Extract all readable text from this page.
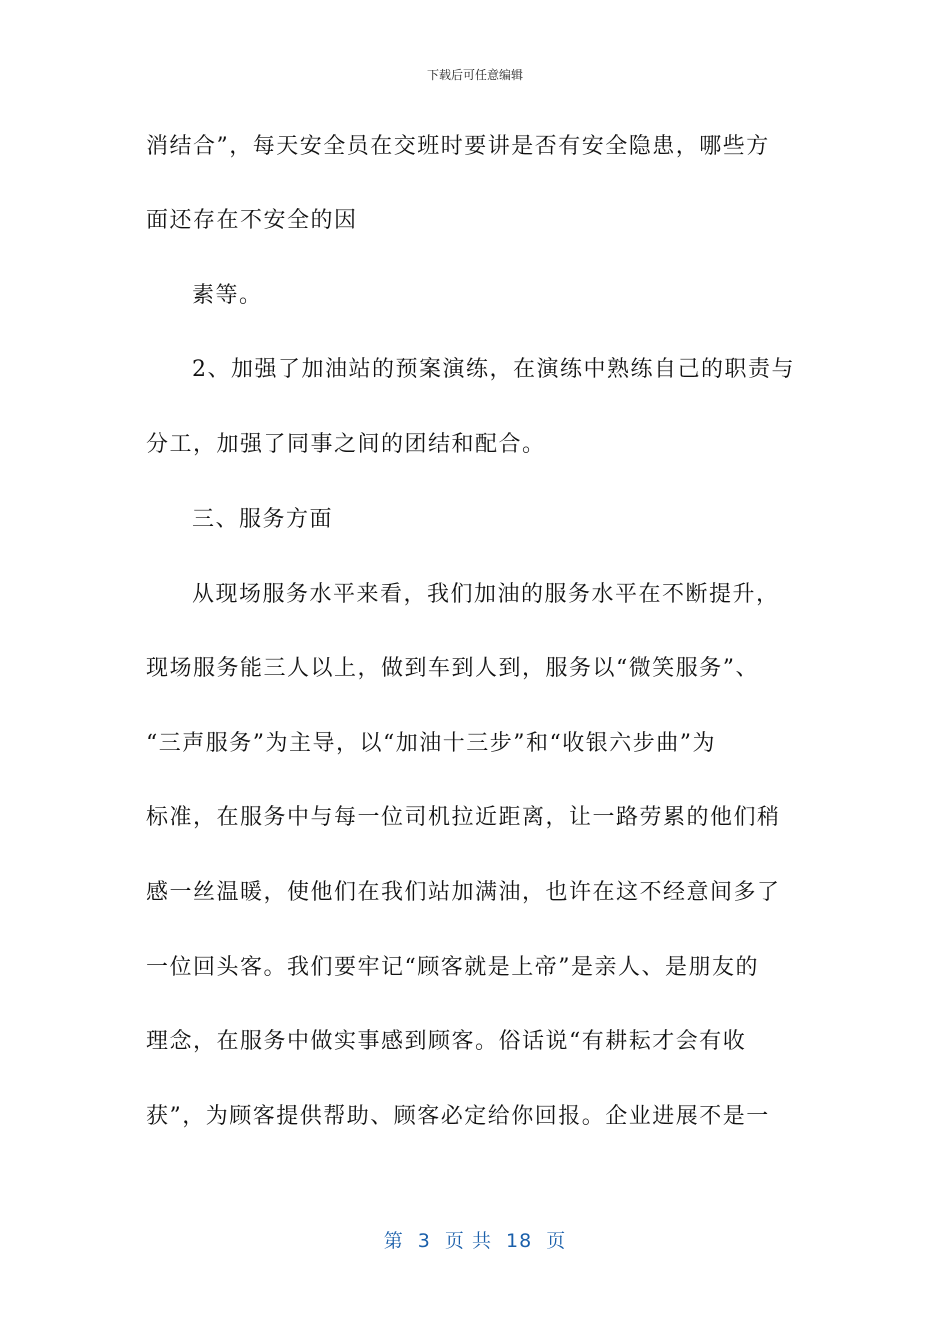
下载后可任意编辑
消结合”，每天安全员在交班时要讲是否有安全隐患，哪些方
面还存在不安全的因
素等。
2、加强了加油站的预案演练，在演练中熟练自己的职责与
分工，加强了同事之间的团结和配合。
三、服务方面
从现场服务水平来看，我们加油的服务水平在不断提升，
现场服务能三人以上，做到车到人到，服务以“微笑服务”、
“三声服务”为主导，以“加油十三步”和“收银六步曲”为
标准，在服务中与每一位司机拉近距离，让一路劳累的他们稍
感一丝温暖，使他们在我们站加满油，也许在这不经意间多了
一位回头客。我们要牢记“顾客就是上帝”是亲人、是朋友的
理念，在服务中做实事感到顾客。俗话说“有耕耘才会有收
获”，为顾客提供帮助、顾客必定给你回报。企业进展不是一
第  3  页 共  18  页
